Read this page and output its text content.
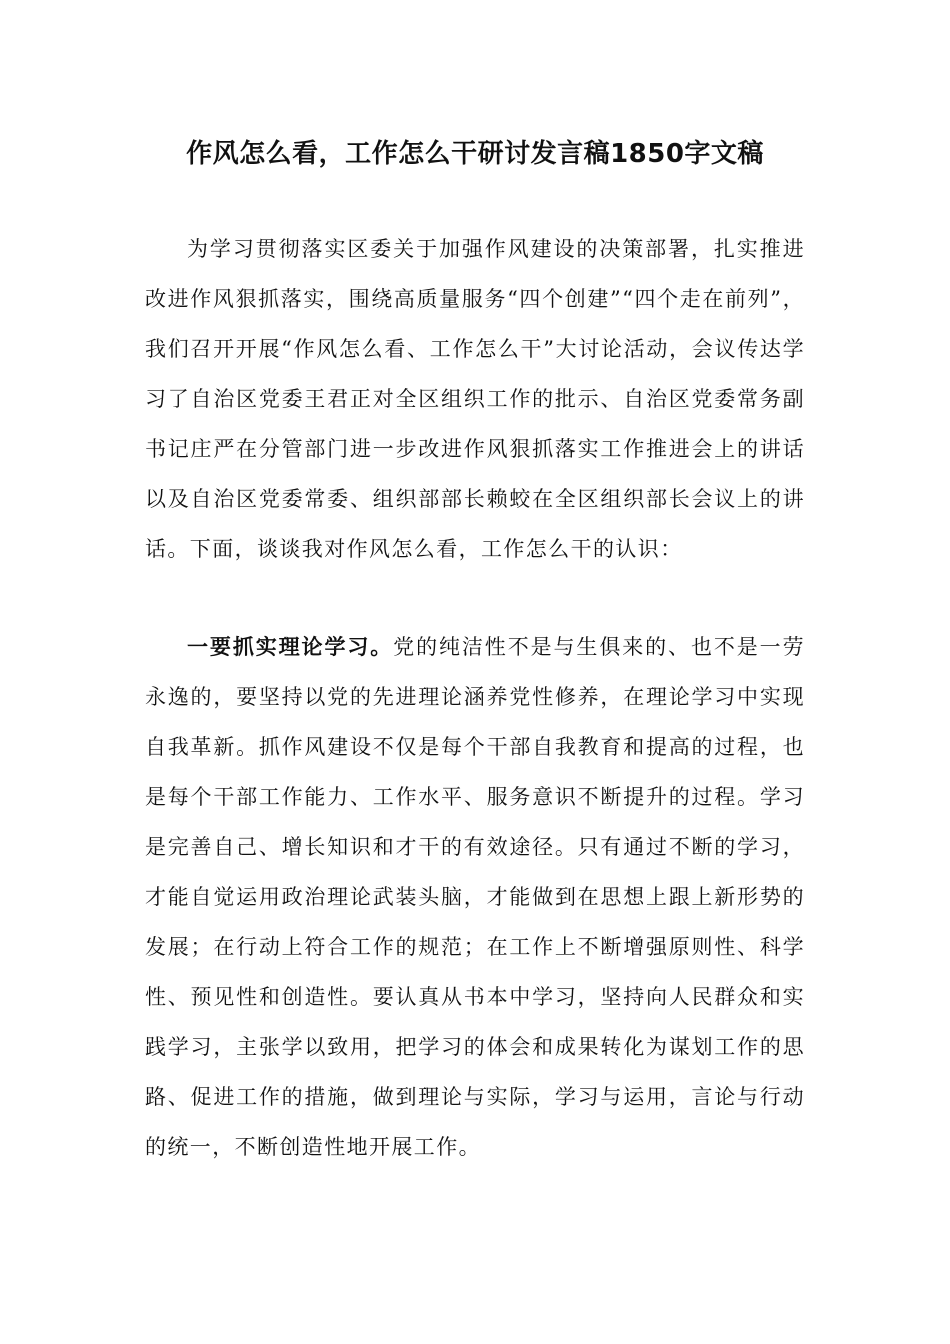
作风怎么看，工作怎么干研讨发言稿1850字文稿

为学习贯彻落实区委关于加强作风建设的决策部署，扎实推进改进作风狠抓落实，围绕高质量服务“四个创建”“四个走在前列”，我们召开开展“作风怎么看、工作怎么干”大讨论活动，会议传达学习了自治区党委王君正对全区组织工作的批示、自治区党委常务副书记庄严在分管部门进一步改进作风狠抓落实工作推进会上的讲话以及自治区党委常委、组织部部长赖蛟在全区组织部长会议上的讲话。下面，谈谈我对作风怎么看，工作怎么干的认识：

一要抓实理论学习。党的纯洁性不是与生俱来的、也不是一劳永逸的，要坚持以党的先进理论涵养党性修养，在理论学习中实现自我革新。抓作风建设不仅是每个干部自我教育和提高的过程，也是每个干部工作能力、工作水平、服务意识不断提升的过程。学习是完善自己、增长知识和才干的有效途径。只有通过不断的学习，才能自觉运用政治理论武装头脑，才能做到在思想上跟上新形势的发展；在行动上符合工作的规范；在工作上不断增强原则性、科学性、预见性和创造性。要认真从书本中学习，坚持向人民群众和实践学习，主张学以致用，把学习的体会和成果转化为谋划工作的思路、促进工作的措施，做到理论与实际，学习与运用，言论与行动的统一，不断创造性地开展工作。
